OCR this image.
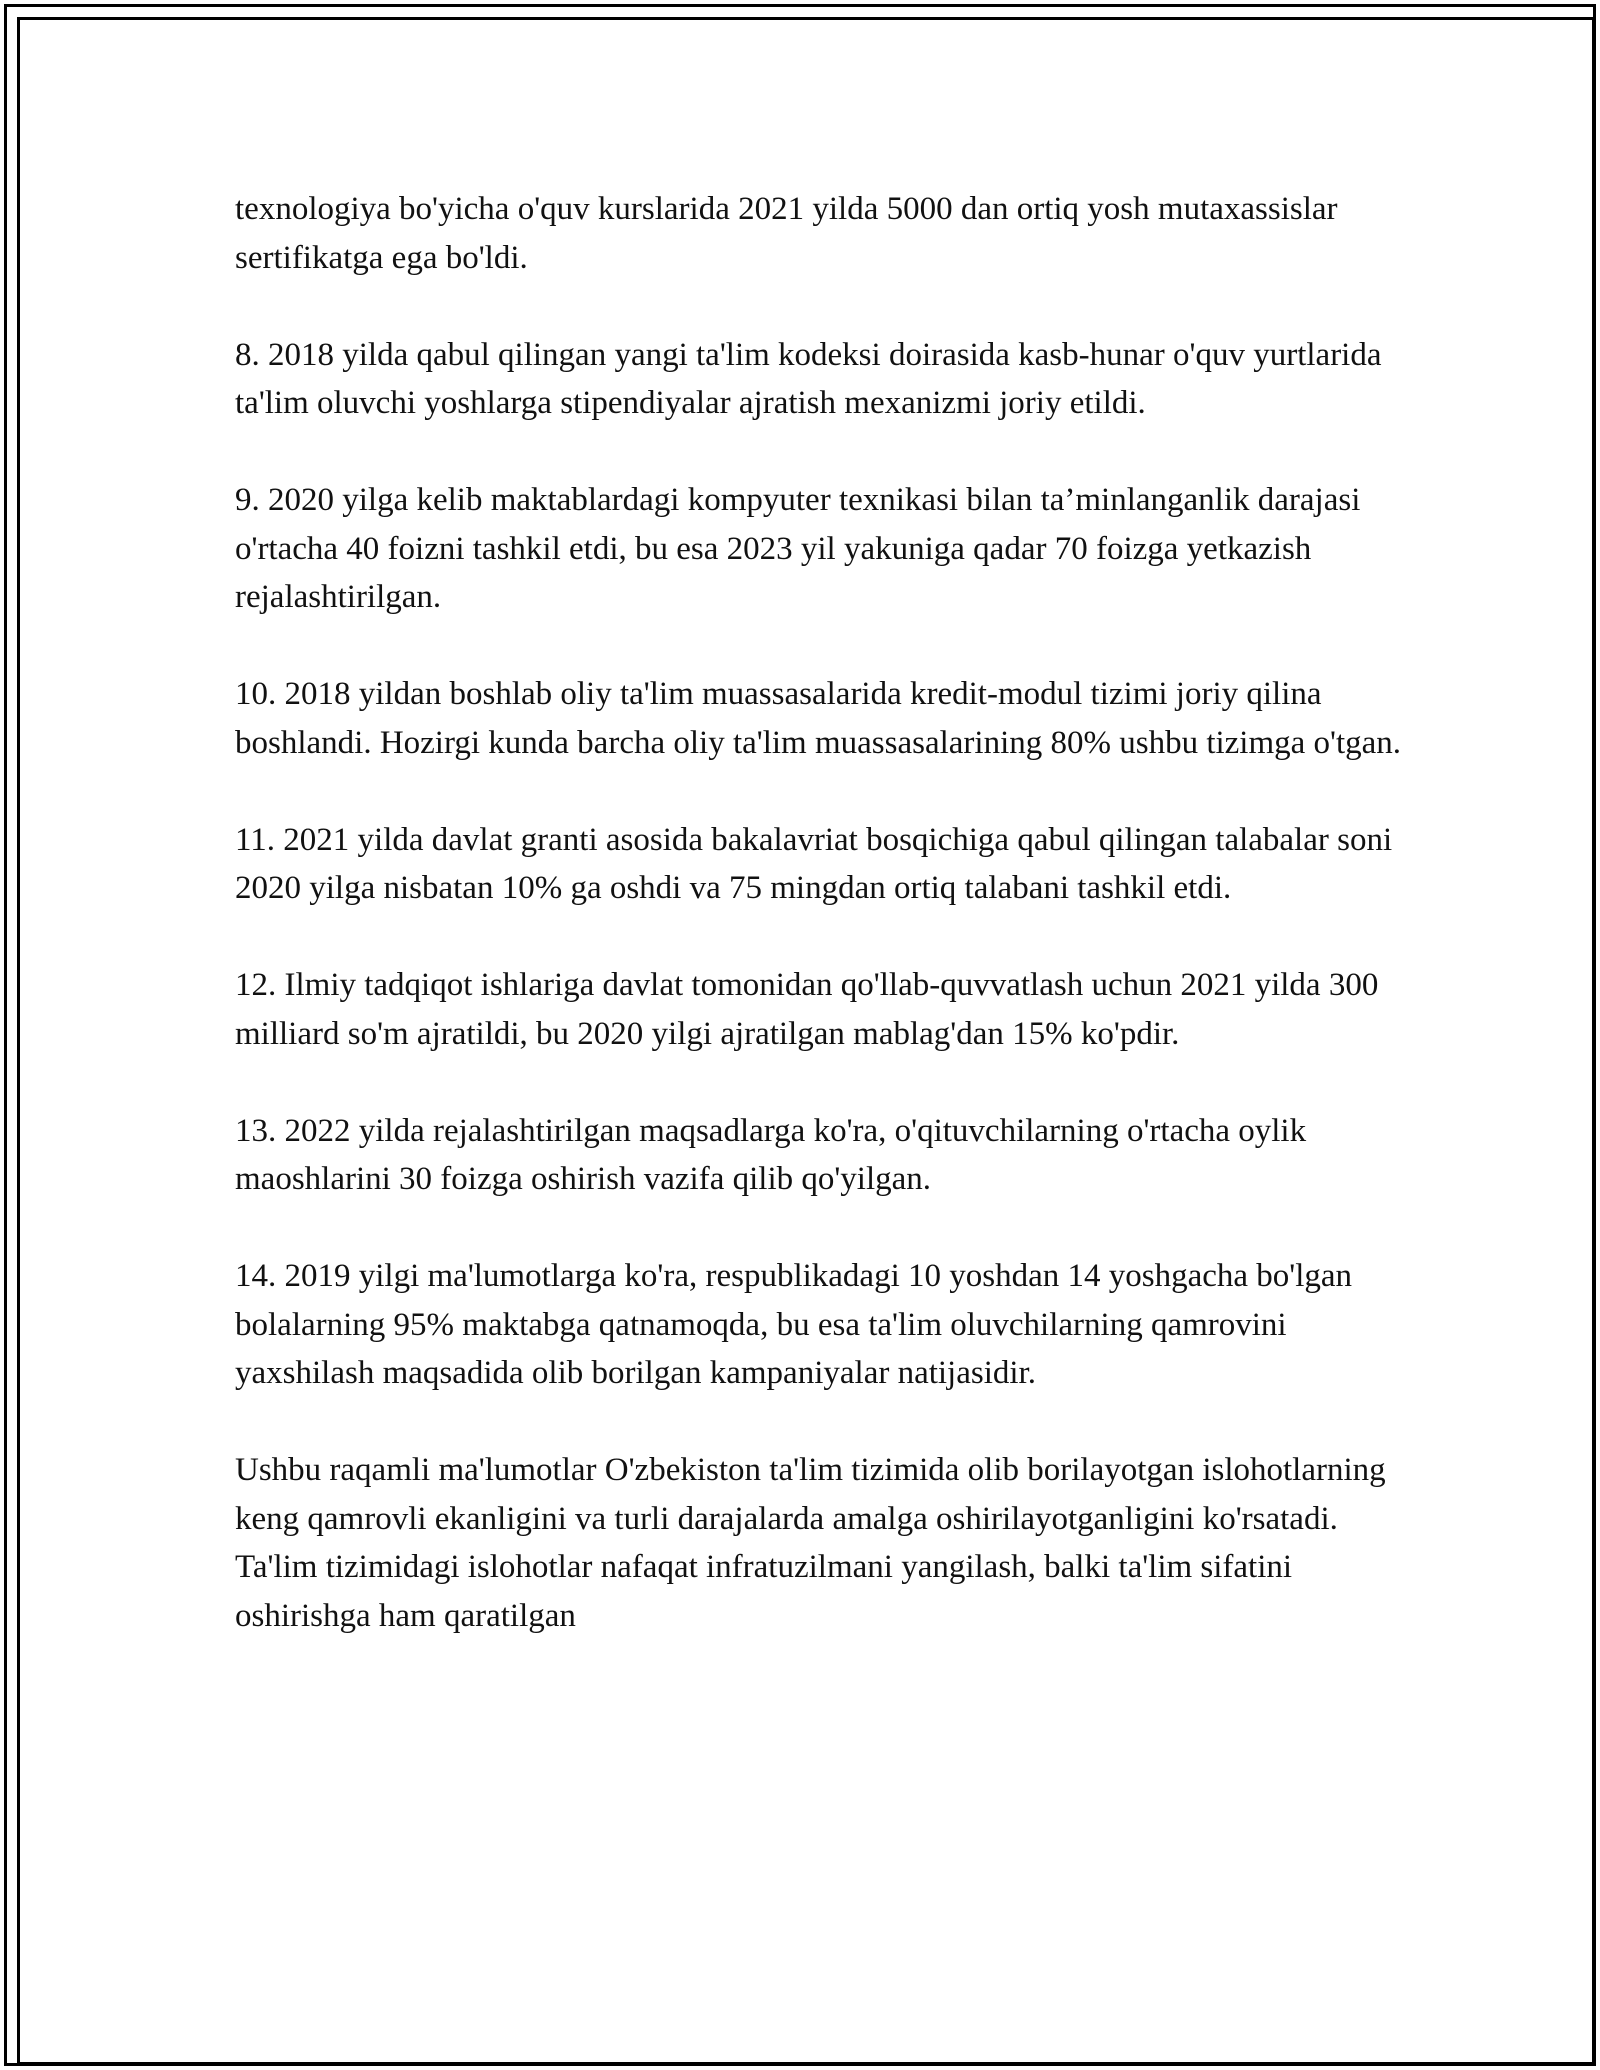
texnologiya bo'yicha o'quv kurslarida 2021 yilda 5000 dan ortiq yosh mutaxassislar sertifikatga ega bo'ldi.

8. 2018 yilda qabul qilingan yangi ta'lim kodeksi doirasida kasb-hunar o'quv yurtlarida ta'lim oluvchi yoshlarga stipendiyalar ajratish mexanizmi joriy etildi.

9. 2020 yilga kelib maktablardagi kompyuter texnikasi bilan ta’minlanganlik darajasi o'rtacha 40 foizni tashkil etdi, bu esa 2023 yil yakuniga qadar 70 foizga yetkazish rejalashtirilgan.

10. 2018 yildan boshlab oliy ta'lim muassasalarida kredit-modul tizimi joriy qilina boshlandi. Hozirgi kunda barcha oliy ta'lim muassasalarining 80% ushbu tizimga o'tgan.

11. 2021 yilda davlat granti asosida bakalavriat bosqichiga qabul qilingan talabalar soni 2020 yilga nisbatan 10% ga oshdi va 75 mingdan ortiq talabani tashkil etdi.

12. Ilmiy tadqiqot ishlariga davlat tomonidan qo'llab-quvvatlash uchun 2021 yilda 300 milliard so'm ajratildi, bu 2020 yilgi ajratilgan mablag'dan 15% ko'pdir.

13. 2022 yilda rejalashtirilgan maqsadlarga ko'ra, o'qituvchilarning o'rtacha oylik maoshlarini 30 foizga oshirish vazifa qilib qo'yilgan.

14. 2019 yilgi ma'lumotlarga ko'ra, respublikadagi 10 yoshdan 14 yoshgacha bo'lgan bolalarning 95% maktabga qatnamoqda, bu esa ta'lim oluvchilarning qamrovini yaxshilash maqsadida olib borilgan kampaniyalar natijasidir.

Ushbu raqamli ma'lumotlar O'zbekiston ta'lim tizimida olib borilayotgan islohotlarning keng qamrovli ekanligini va turli darajalarda amalga oshirilayotganligini ko'rsatadi. Ta'lim tizimidagi islohotlar nafaqat infratuzilmani yangilash, balki ta'lim sifatini oshirishga ham qaratilgan
